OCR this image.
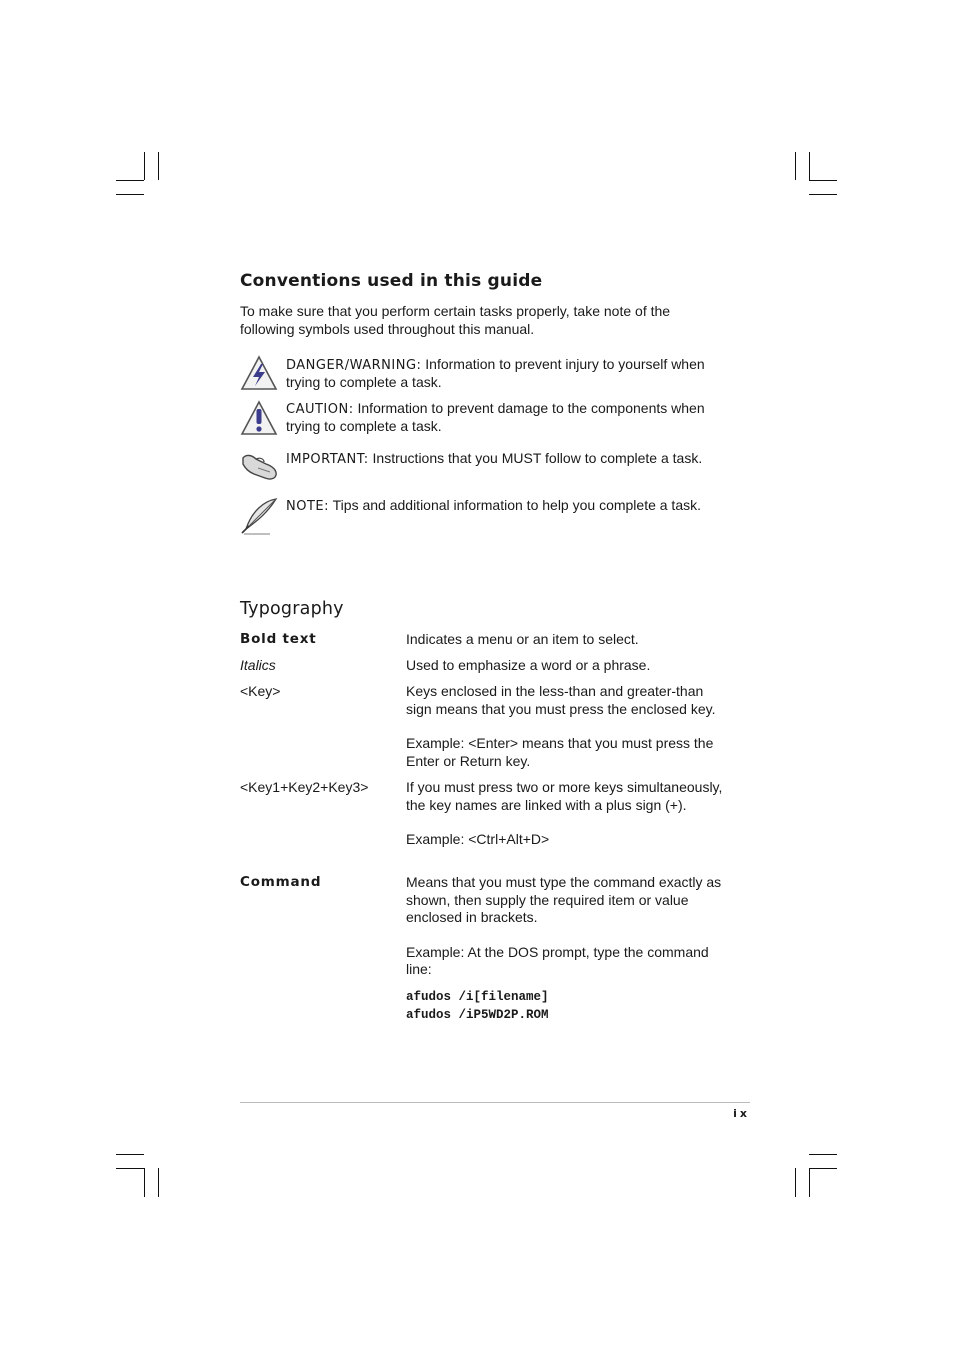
Conventions used in this guide
To make sure that you perform certain tasks properly, take note of the following symbols used throughout this manual.
DANGER/WARNING: Information to prevent injury to yourself when trying to complete a task.
CAUTION: Information to prevent damage to the components when trying to complete a task.
IMPORTANT: Instructions that you MUST follow to complete a task.
NOTE: Tips and additional information to help you complete a task.
Typography
Bold text	Indicates a menu or an item to select.

Italics	Used to emphasize a word or a phrase.

<Key>	Keys enclosed in the less-than and greater-than sign means that you must press the enclosed key.

Example: <Enter> means that you must press the Enter or Return key.

<Key1+Key2+Key3>	If you must press two or more keys simultaneously, the key names are linked with a plus sign (+).

Example: <Ctrl+Alt+D>

Command	Means that you must type the command exactly as shown, then supply the required item or value enclosed in brackets.

Example: At the DOS prompt, type the command line:

afudos /i[filename]
afudos /iP5WD2P.ROM
ix
